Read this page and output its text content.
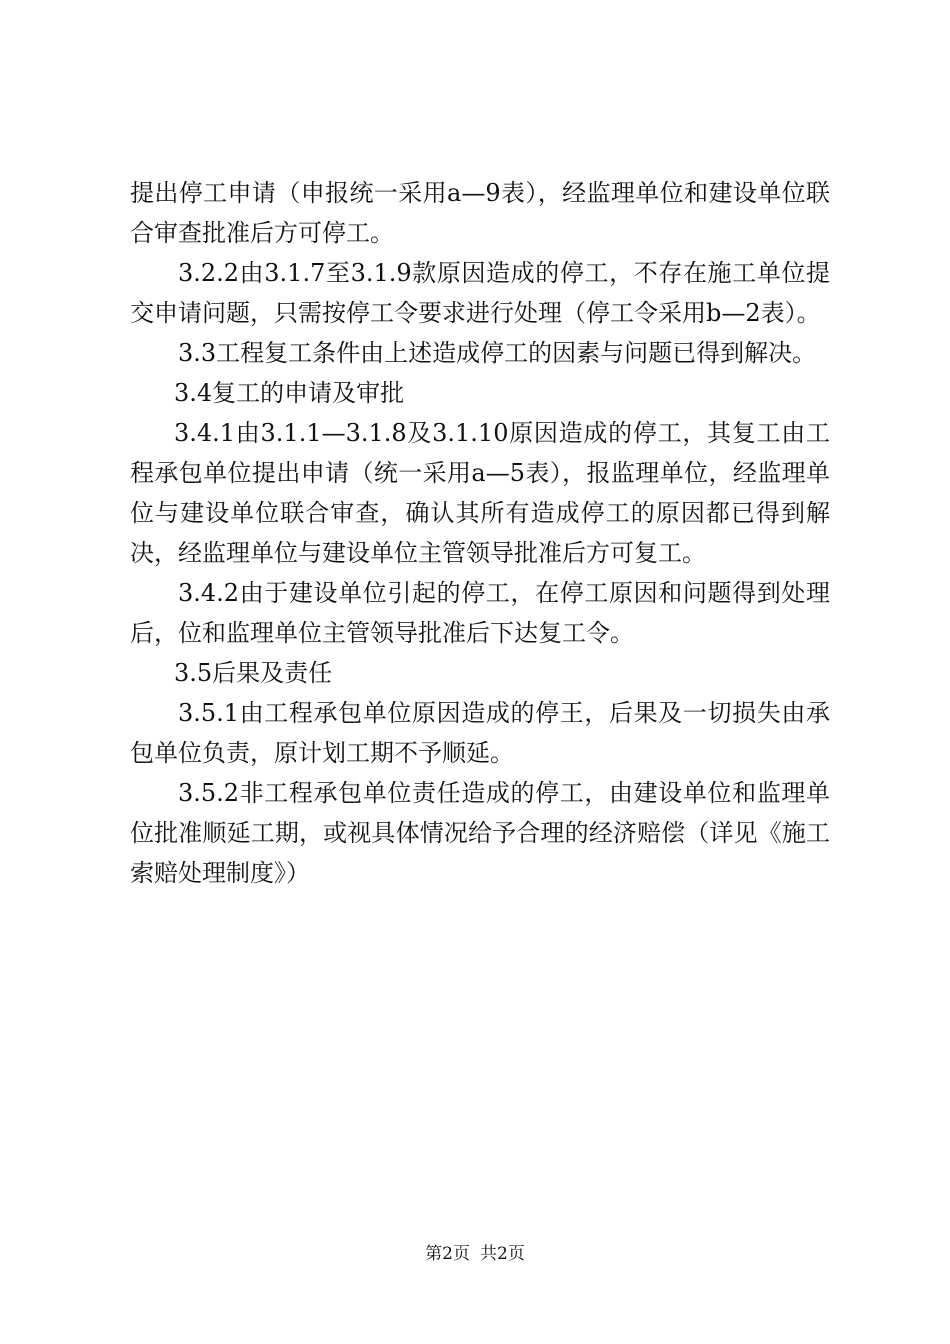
提出停工申请（申报统一采用a—9表），经监理单位和建设单位联合审查批准后方可停工。

3.2.2由3.1.7至3.1.9款原因造成的停工，不存在施工单位提交申请问题，只需按停工令要求进行处理（停工令采用b—2表）。

3.3工程复工条件由上述造成停工的因素与问题已得到解决。

3.4复工的申请及审批

3.4.1由3.1.1—3.1.8及3.1.10原因造成的停工，其复工由工程承包单位提出申请（统一采用a—5表），报监理单位，经监理单位与建设单位联合审查，确认其所有造成停工的原因都已得到解决，经监理单位与建设单位主管领导批准后方可复工。

3.4.2由于建设单位引起的停工，在停工原因和问题得到处理后，位和监理单位主管领导批准后下达复工令。

3.5后果及责任

3.5.1由工程承包单位原因造成的停王，后果及一切损失由承包单位负责，原计划工期不予顺延。

3.5.2非工程承包单位责任造成的停工，由建设单位和监理单位批准顺延工期，或视具体情况给予合理的经济赔偿（详见《施工索赔处理制度》）

第2页 共2页
